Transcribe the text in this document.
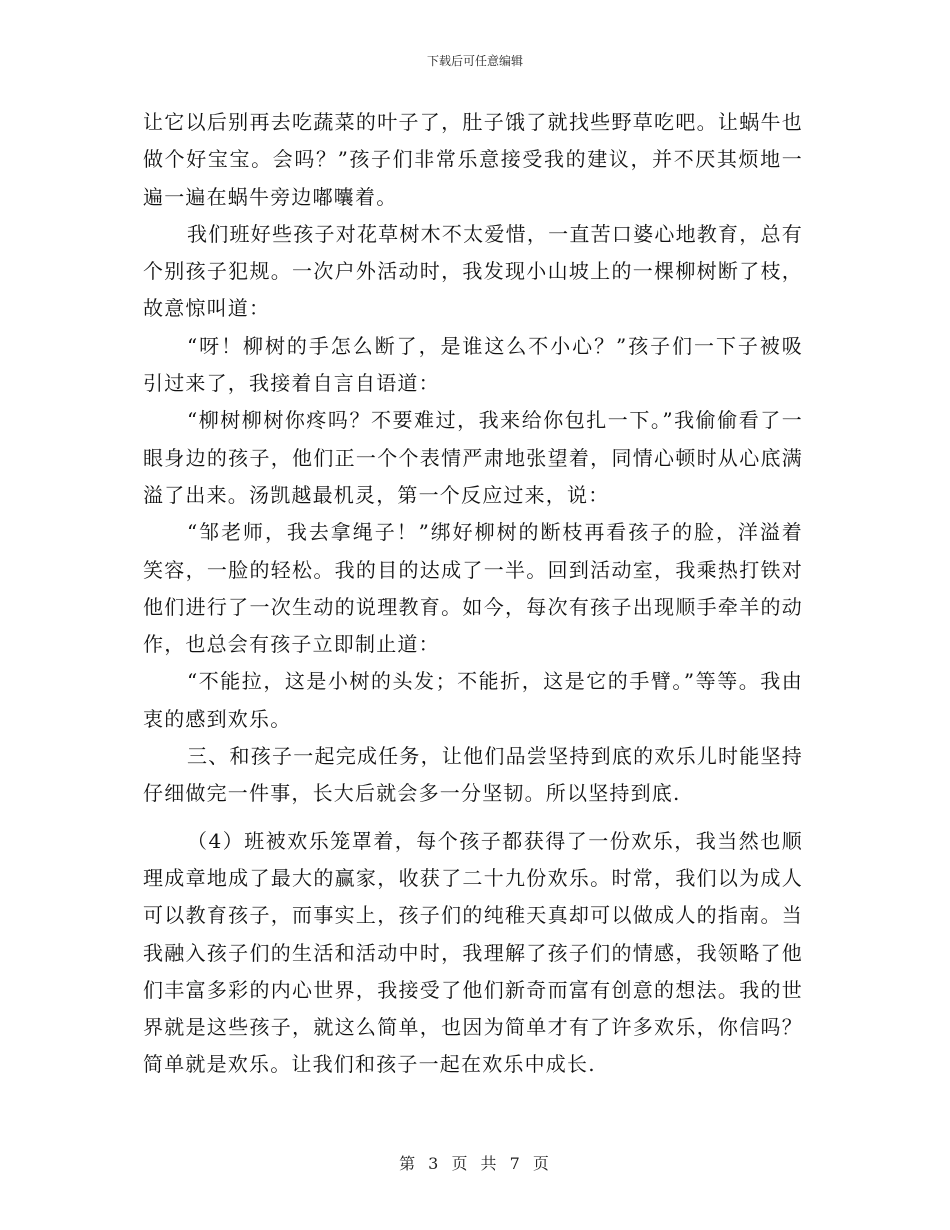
下载后可任意编辑

让它以后别再去吃蔬菜的叶子了，肚子饿了就找些野草吃吧。让蜗牛也做个好宝宝。会吗？”孩子们非常乐意接受我的建议，并不厌其烦地一遍一遍在蜗牛旁边嘟囔着。

我们班好些孩子对花草树木不太爱惜，一直苦口婆心地教育，总有个别孩子犯规。一次户外活动时，我发现小山坡上的一棵柳树断了枝，故意惊叫道：

“呀！柳树的手怎么断了，是谁这么不小心？”孩子们一下子被吸引过来了，我接着自言自语道：

“柳树柳树你疼吗？不要难过，我来给你包扎一下。”我偷偷看了一眼身边的孩子，他们正一个个表情严肃地张望着，同情心顿时从心底满溢了出来。汤凯越最机灵，第一个反应过来，说：

“邹老师，我去拿绳子！”绑好柳树的断枝再看孩子的脸，洋溢着笑容，一脸的轻松。我的目的达成了一半。回到活动室，我乘热打铁对他们进行了一次生动的说理教育。如今，每次有孩子出现顺手牵羊的动作，也总会有孩子立即制止道：

“不能拉，这是小树的头发；不能折，这是它的手臂。”等等。我由衷的感到欢乐。

三、和孩子一起完成任务，让他们品尝坚持到底的欢乐儿时能坚持仔细做完一件事，长大后就会多一分坚韧。所以坚持到底.

（4）班被欢乐笼罩着，每个孩子都获得了一份欢乐，我当然也顺理成章地成了最大的赢家，收获了二十九份欢乐。时常，我们以为成人可以教育孩子，而事实上，孩子们的纯稚天真却可以做成人的指南。当我融入孩子们的生活和活动中时，我理解了孩子们的情感，我领略了他们丰富多彩的内心世界，我接受了他们新奇而富有创意的想法。我的世界就是这些孩子，就这么简单，也因为简单才有了许多欢乐，你信吗？简单就是欢乐。让我们和孩子一起在欢乐中成长.

第 3 页 共 7 页
